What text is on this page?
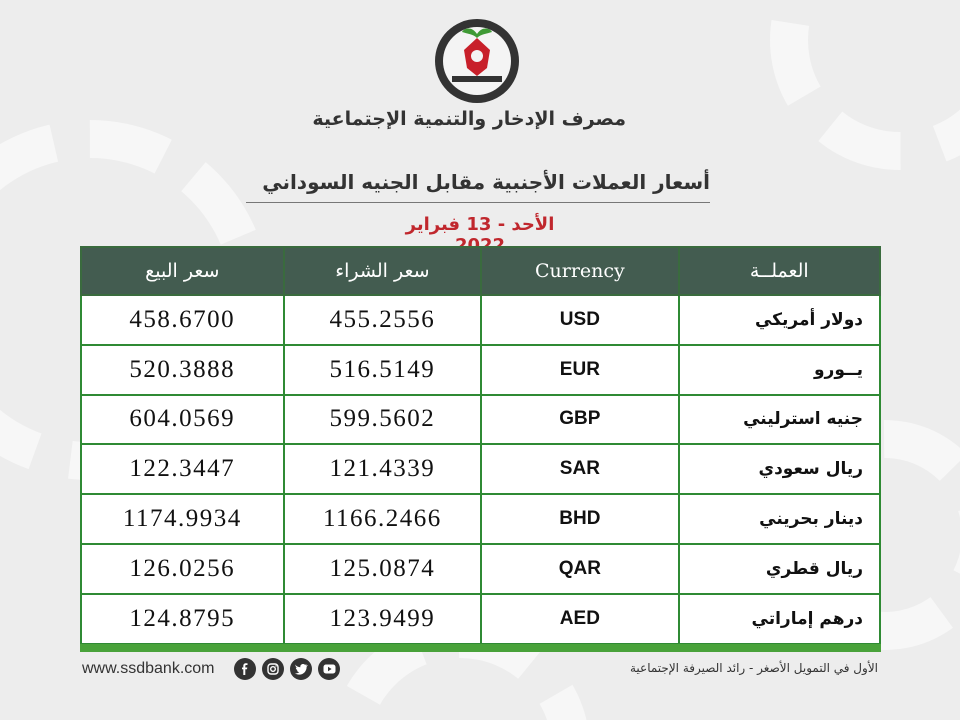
مصرف الإدخار والتنمية الإجتماعية
أسعار العملات الأجنبية مقابل الجنيه السوداني
الأحد - 13 فبراير
العملــة	Currency	سعر الشراء	سعر البيع
دولار أمريكي	USD	455.2556	458.6700
يــورو	EUR	516.5149	520.3888
جنيه استرليني	GBP	599.5602	604.0569
ريال سعودي	SAR	121.4339	122.3447
دينار بحريني	BHD	1166.2466	1174.9934
ريال قطري	QAR	125.0874	126.0256
درهم إماراتي	AED	123.9499	124.8795
www.ssdbank.com	الأول في التمويل الأصغر - رائد الصيرفة الإجتماعية
